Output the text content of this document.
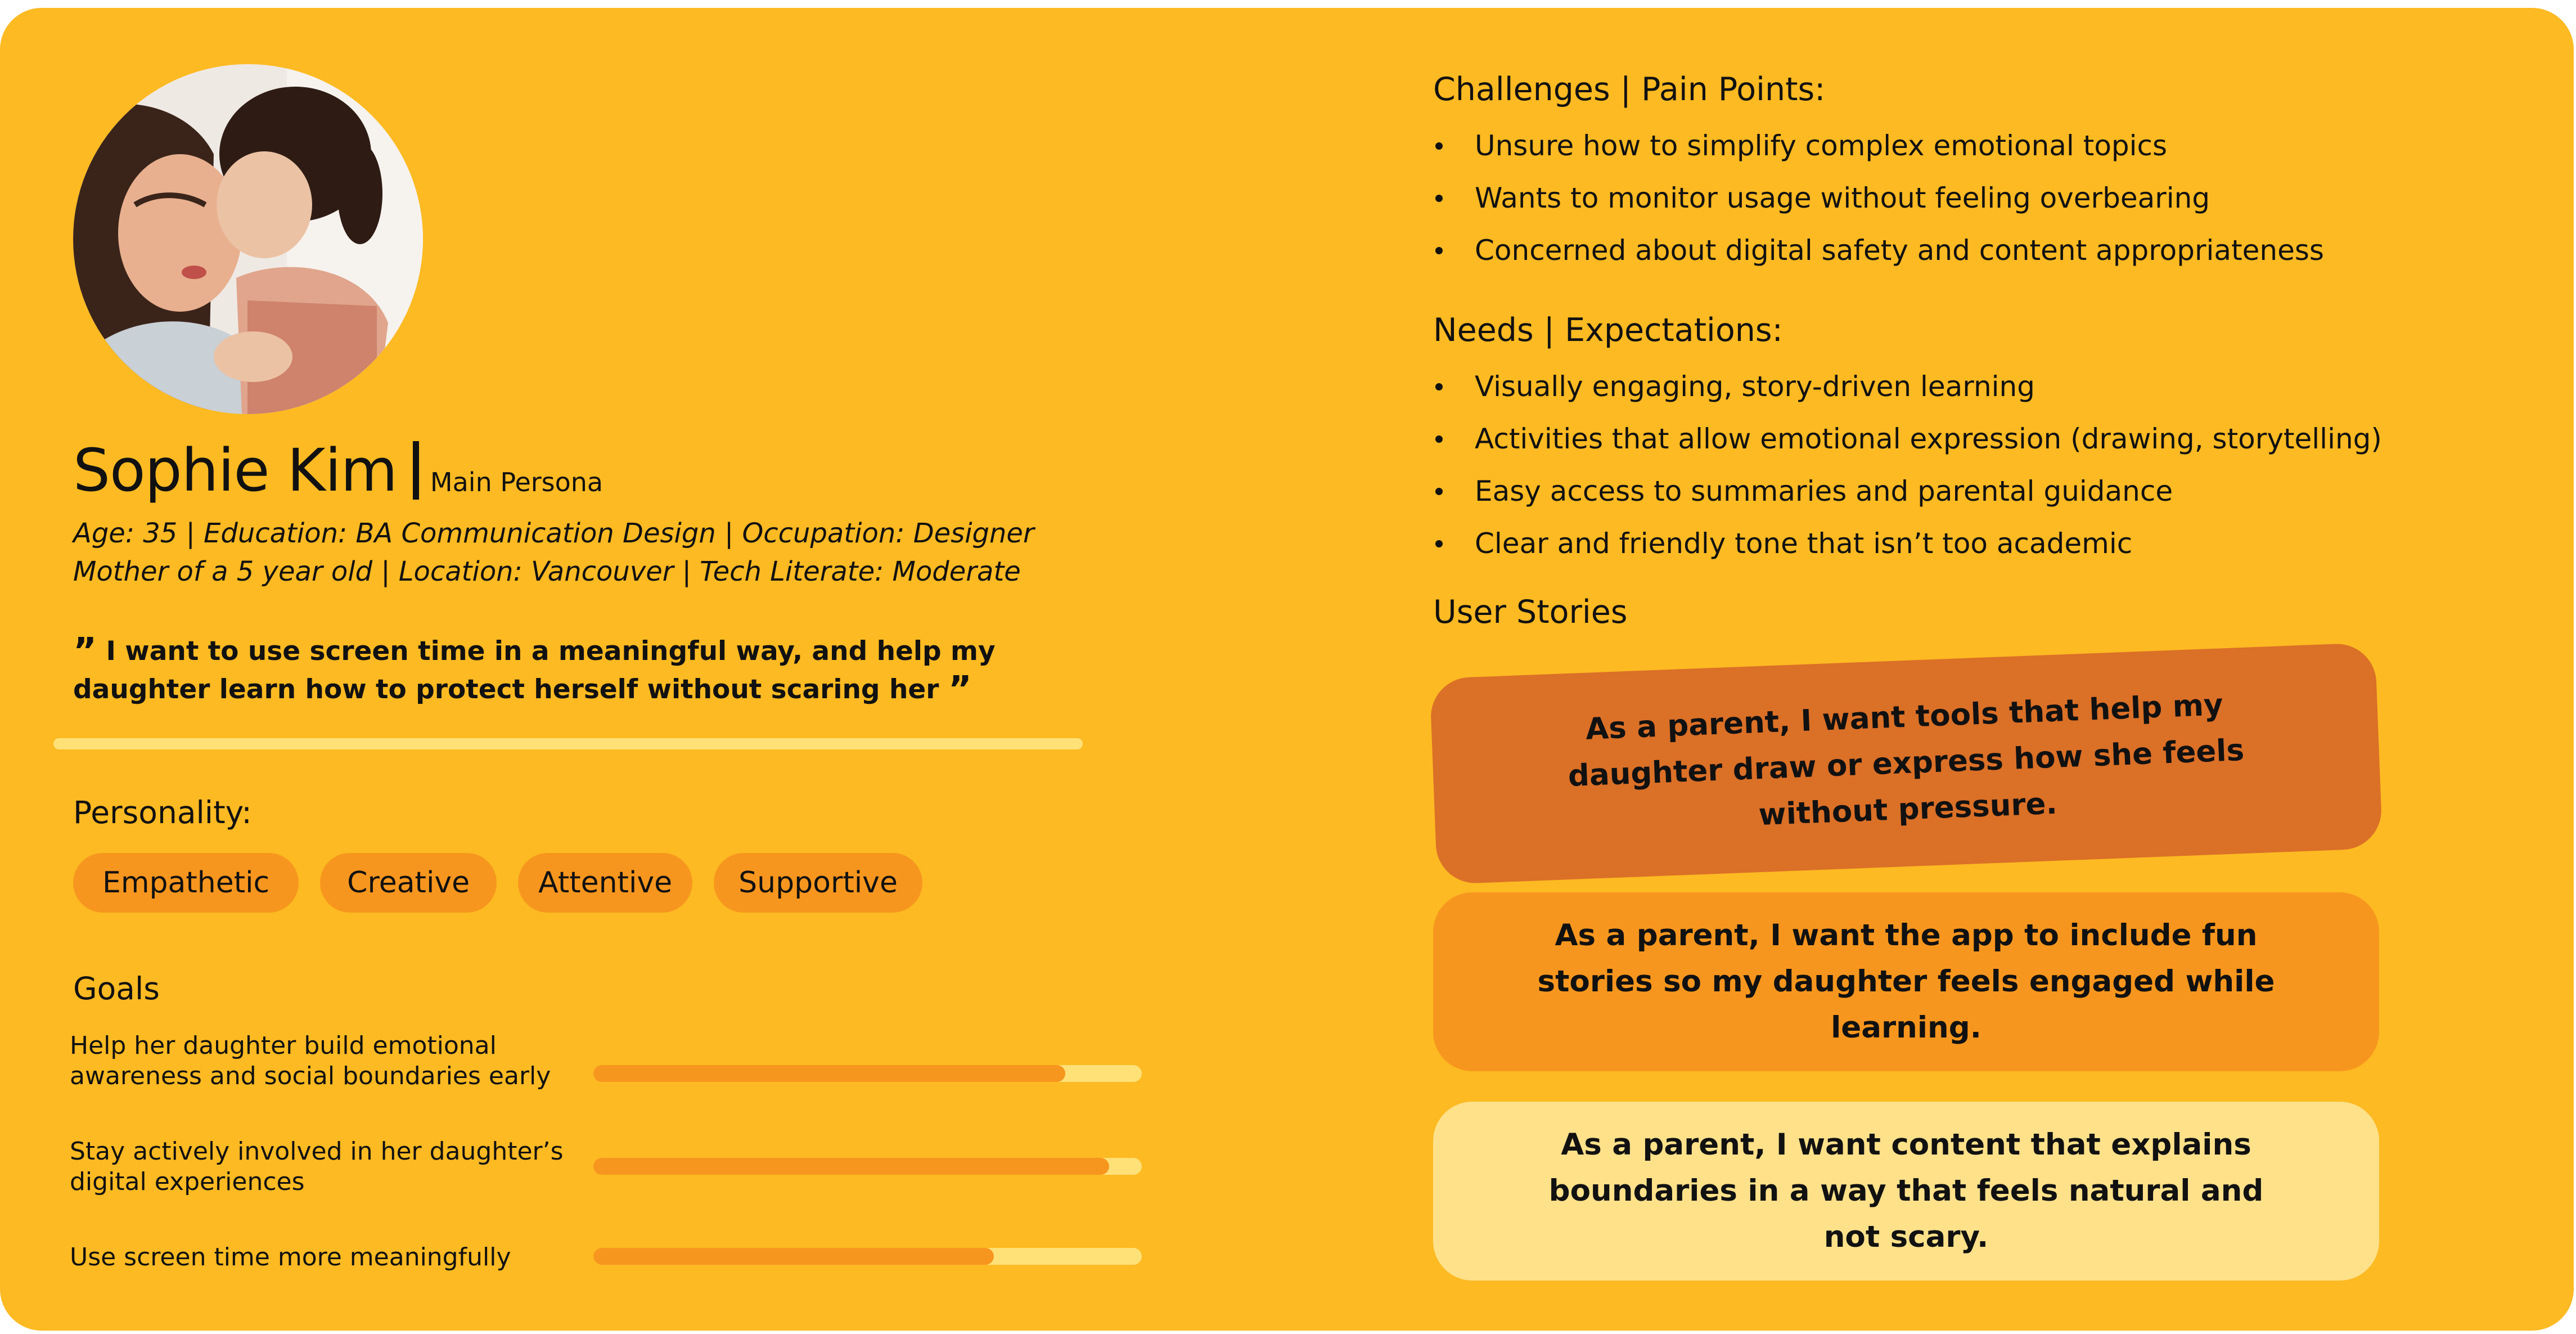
Sophie Kim Main Persona
Age: 35 | Education: BA Communication Design | Occupation: Designer
Mother of a 5 year old | Location: Vancouver | Tech Literate: Moderate
” I want to use screen time in a meaningful way, and help my daughter learn how to protect herself without scaring her ”
Personality:
Empathetic	Creative	Attentive	Supportive
Goals
Help her daughter build emotional awareness and social boundaries early
Stay actively involved in her daughter’s digital experiences
Use screen time more meaningfully
Challenges | Pain Points:
Unsure how to simplify complex emotional topics
Wants to monitor usage without feeling overbearing
Concerned about digital safety and content appropriateness
Needs | Expectations:
Visually engaging, story-driven learning
Activities that allow emotional expression (drawing, storytelling)
Easy access to summaries and parental guidance
Clear and friendly tone that isn’t too academic
User Stories
As a parent, I want tools that help my daughter draw or express how she feels without pressure.
As a parent, I want the app to include fun stories so my daughter feels engaged while learning.
As a parent, I want content that explains boundaries in a way that feels natural and not scary.
